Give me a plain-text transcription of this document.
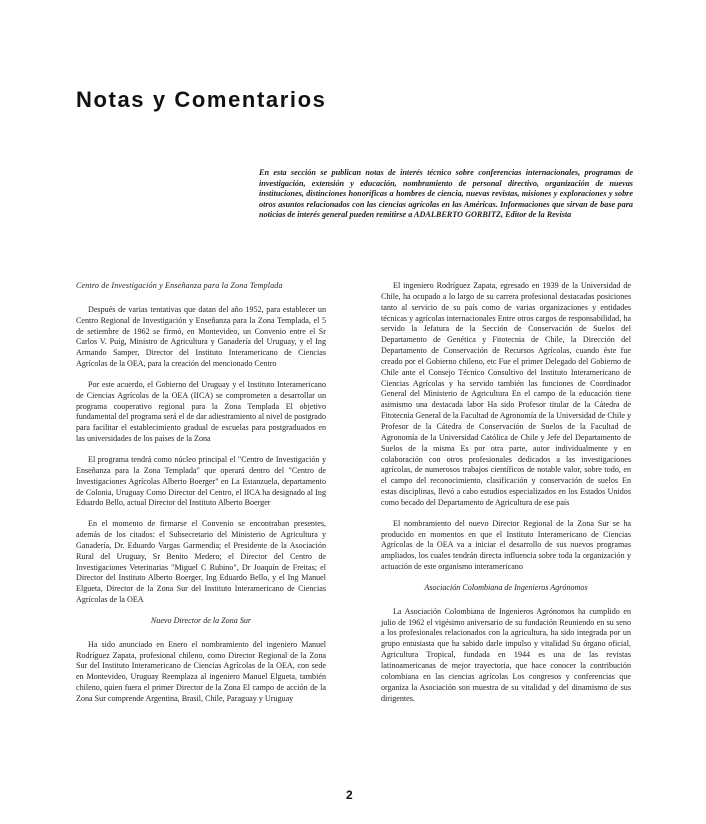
Notas y Comentarios

En esta sección se publican notas de interés técnico sobre conferencias internacionales, programas de investigación, extensión y educación, nombramiento de personal directivo, organización de nuevas instituciones, distinciones honoríficas a hombres de ciencia, nuevas revistas, misiones y exploraciones y sobre otros asuntos relacionados con las ciencias agrícolas en las Américas. Informaciones que sirvan de base para noticias de interés general pueden remitirse a ADALBERTO GORBITZ, Editor de la Revista

Centro de Investigación y Enseñanza para la Zona Templada

Después de varias tentativas que datan del año 1952, para establecer un Centro Regional de Investigación y Enseñanza para la Zona Templada, el 5 de setiembre de 1962 se firmó, en Montevideo, un Convenio entre el Sr Carlos V. Puig, Ministro de Agricultura y Ganadería del Uruguay, y el Ing Armando Samper, Director del Instituto Interamericano de Ciencias Agrícolas de la OEA, para la creación del mencionado Centro

Por este acuerdo, el Gobierno del Uruguay y el Instituto Interamericano de Ciencias Agrícolas de la OEA (IICA) se comprometen a desarrollar un programa cooperativo regional para la Zona Templada El objetivo fundamental del programa será el de dar adiestramiento al nivel de postgrado para facilitar el establecimiento gradual de escuelas para postgraduados en las universidades de los países de la Zona

El programa tendrá como núcleo principal el "Centro de Investigación y Enseñanza para la Zona Templada" que operará dentro del "Centro de Investigaciones Agrícolas Alberto Boerger" en La Estanzuela, departamento de Colonia, Uruguay Como Director del Centro, el IICA ha designado al Ing Eduardo Bello, actual Director del Instituto Alberto Boerger

En el momento de firmarse el Convenio se encontraban presentes, además de los citados: el Subsecretario del Ministerio de Agricultura y Ganadería, Dr. Eduardo Vargas Garmendia; el Presidente de la Asociación Rural del Uruguay, Sr Benito Medero; el Director del Centro de Investigaciones Veterinarias "Miguel C Rubino", Dr Joaquín de Freitas; el Director del Instituto Alberto Boerger, Ing Eduardo Bello, y el Ing Manuel Elgueta, Director de la Zona Sur del Instituto Interamericano de Ciencias Agrícolas de la OEA

Nuevo Director de la Zona Sur

Ha sido anunciado en Enero el nombramiento del ingeniero Manuel Rodríguez Zapata, profesional chileno, como Director Regional de la Zona Sur del Instituto Interamericano de Ciencias Agrícolas de la OEA, con sede en Montevideo, Uruguay Reemplaza al ingeniero Manuel Elgueta, también chileno, quien fuera el primer Director de la Zona El campo de acción de la Zona Sur comprende Argentina, Brasil, Chile, Paraguay y Uruguay

El ingeniero Rodríguez Zapata, egresado en 1939 de la Universidad de Chile, ha ocupado a lo largo de su carrera profesional destacadas posiciones tanto al servicio de su país como de varias organizaciones y entidades técnicas y agrícolas internacionales Entre otros cargos de responsabilidad, ha servido la Jefatura de la Sección de Conservación de Suelos del Departamento de Genética y Fitotecnia de Chile, la Dirección del Departamento de Conservación de Recursos Agrícolas, cuando éste fue creado por el Gobierno chileno, etc Fue el primer Delegado del Gobierno de Chile ante el Consejo Técnico Consultivo del Instituto Interamericano de Ciencias Agrícolas y ha servido también las funciones de Coordinador General del Ministerio de Agricultura En el campo de la educación tiene asimismo una destacada labor Ha sido Profesor titular de la Cátedra de Fitotecnia General de la Facultad de Agronomía de la Universidad de Chile y Profesor de la Cátedra de Conservación de Suelos de la Facultad de Agronomía de la Universidad Católica de Chile y Jefe del Departamento de Suelos de la misma Es por otra parte, autor individualmente y en colaboración con otros profesionales dedicados a las investigaciones agrícolas, de numerosos trabajos científicos de notable valor, sobre todo, en el campo del reconocimiento, clasificación y conservación de suelos En estas disciplinas, llevó a cabo estudios especializados en los Estados Unidos como becado del Departamento de Agricultura de ese país

El nombramiento del nuevo Director Regional de la Zona Sur se ha producido en momentos en que el Instituto Interamericano de Ciencias Agrícolas de la OEA va a iniciar el desarrollo de sus nuevos programas ampliados, los cuales tendrán directa influencia sobre toda la organización y actuación de este organismo interamericano

Asociación Colombiana de Ingenieros Agrónomos

La Asociación Colombiana de Ingenieros Agrónomos ha cumplido en julio de 1962 el vigésimo aniversario de su fundación Reuniendo en su seno a los profesionales relacionados con la agricultura, ha sido integrada por un grupo entusiasta que ha sabido darle impulso y vitalidad Su órgano oficial, Agricultura Tropical, fundada en 1944 es una de las revistas latinoamericanas de mejor trayectoria, que hace conocer la contribución colombiana en las ciencias agrícolas Los congresos y conferencias que organiza la Asociación son muestra de su vitalidad y del dinamismo de sus dirigentes.

2
